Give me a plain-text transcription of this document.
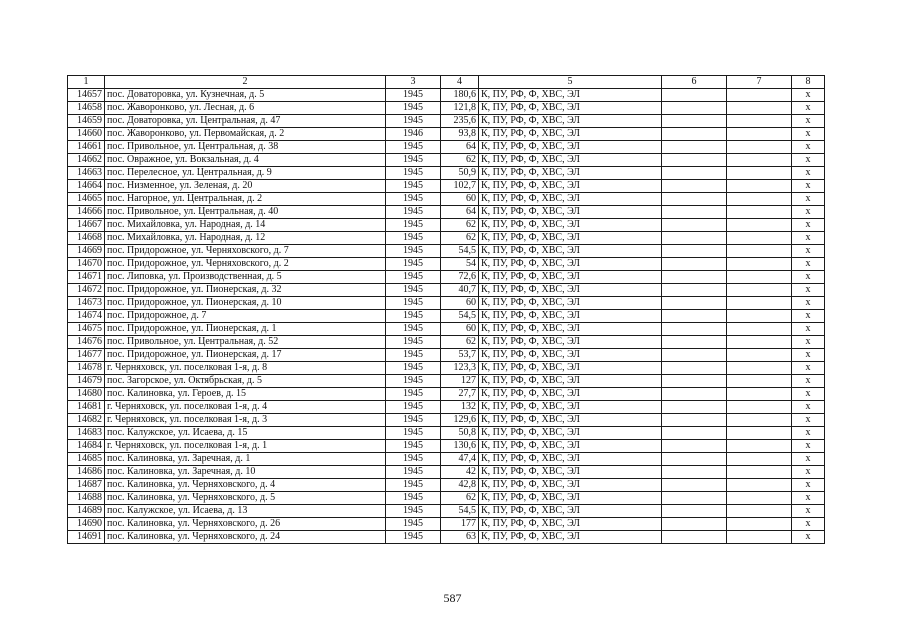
1	2	3	4	5	6	7	8
14657	пос. Доваторовка, ул. Кузнечная, д. 5	1945	180,6	К, ПУ, РФ, Ф, ХВС, ЭЛ			x
14658	пос. Жаворонково, ул. Лесная, д. 6	1945	121,8	К, ПУ, РФ, Ф, ХВС, ЭЛ			x
14659	пос. Доваторовка, ул. Центральная, д. 47	1945	235,6	К, ПУ, РФ, Ф, ХВС, ЭЛ			x
14660	пос. Жаворонково, ул. Первомайская, д. 2	1946	93,8	К, ПУ, РФ, Ф, ХВС, ЭЛ			x
14661	пос. Привольное, ул. Центральная, д. 38	1945	64	К, ПУ, РФ, Ф, ХВС, ЭЛ			x
14662	пос. Овражное, ул. Вокзальная, д. 4	1945	62	К, ПУ, РФ, Ф, ХВС, ЭЛ			x
14663	пос. Перелесное, ул. Центральная, д. 9	1945	50,9	К, ПУ, РФ, Ф, ХВС, ЭЛ			x
14664	пос. Низменное, ул. Зеленая, д. 20	1945	102,7	К, ПУ, РФ, Ф, ХВС, ЭЛ			x
14665	пос. Нагорное, ул. Центральная, д. 2	1945	60	К, ПУ, РФ, Ф, ХВС, ЭЛ			x
14666	пос. Привольное, ул. Центральная, д. 40	1945	64	К, ПУ, РФ, Ф, ХВС, ЭЛ			x
14667	пос. Михайловка, ул. Народная, д. 14	1945	62	К, ПУ, РФ, Ф, ХВС, ЭЛ			x
14668	пос. Михайловка, ул. Народная, д. 12	1945	62	К, ПУ, РФ, Ф, ХВС, ЭЛ			x
14669	пос. Придорожное, ул. Черняховского, д. 7	1945	54,5	К, ПУ, РФ, Ф, ХВС, ЭЛ			x
14670	пос. Придорожное, ул. Черняховского, д. 2	1945	54	К, ПУ, РФ, Ф, ХВС, ЭЛ			x
14671	пос. Липовка, ул. Производственная, д. 5	1945	72,6	К, ПУ, РФ, Ф, ХВС, ЭЛ			x
14672	пос. Придорожное, ул. Пионерская, д. 32	1945	40,7	К, ПУ, РФ, Ф, ХВС, ЭЛ			x
14673	пос. Придорожное, ул. Пионерская, д. 10	1945	60	К, ПУ, РФ, Ф, ХВС, ЭЛ			x
14674	пос. Придорожное, д. 7	1945	54,5	К, ПУ, РФ, Ф, ХВС, ЭЛ			x
14675	пос. Придорожное, ул. Пионерская, д. 1	1945	60	К, ПУ, РФ, Ф, ХВС, ЭЛ			x
14676	пос. Привольное, ул. Центральная, д. 52	1945	62	К, ПУ, РФ, Ф, ХВС, ЭЛ			x
14677	пос. Придорожное, ул. Пионерская, д. 17	1945	53,7	К, ПУ, РФ, Ф, ХВС, ЭЛ			x
14678	г. Черняховск, ул. поселковая 1-я, д. 8	1945	123,3	К, ПУ, РФ, Ф, ХВС, ЭЛ			x
14679	пос. Загорское, ул. Октябрьская, д. 5	1945	127	К, ПУ, РФ, Ф, ХВС, ЭЛ			x
14680	пос. Калиновка, ул. Героев, д. 15	1945	27,7	К, ПУ, РФ, Ф, ХВС, ЭЛ			x
14681	г. Черняховск, ул. поселковая 1-я, д. 4	1945	132	К, ПУ, РФ, Ф, ХВС, ЭЛ			x
14682	г. Черняховск, ул. поселковая 1-я, д. 3	1945	129,6	К, ПУ, РФ, Ф, ХВС, ЭЛ			x
14683	пос. Калужское, ул. Исаева, д. 15	1945	50,8	К, ПУ, РФ, Ф, ХВС, ЭЛ			x
14684	г. Черняховск, ул. поселковая 1-я, д. 1	1945	130,6	К, ПУ, РФ, Ф, ХВС, ЭЛ			x
14685	пос. Калиновка, ул. Заречная, д. 1	1945	47,4	К, ПУ, РФ, Ф, ХВС, ЭЛ			x
14686	пос. Калиновка, ул. Заречная, д. 10	1945	42	К, ПУ, РФ, Ф, ХВС, ЭЛ			x
14687	пос. Калиновка, ул. Черняховского, д. 4	1945	42,8	К, ПУ, РФ, Ф, ХВС, ЭЛ			x
14688	пос. Калиновка, ул. Черняховского, д. 5	1945	62	К, ПУ, РФ, Ф, ХВС, ЭЛ			x
14689	пос. Калужское, ул. Исаева, д. 13	1945	54,5	К, ПУ, РФ, Ф, ХВС, ЭЛ			x
14690	пос. Калиновка, ул. Черняховского, д. 26	1945	177	К, ПУ, РФ, Ф, ХВС, ЭЛ			x
14691	пос. Калиновка, ул. Черняховского, д. 24	1945	63	К, ПУ, РФ, Ф, ХВС, ЭЛ			x
587
